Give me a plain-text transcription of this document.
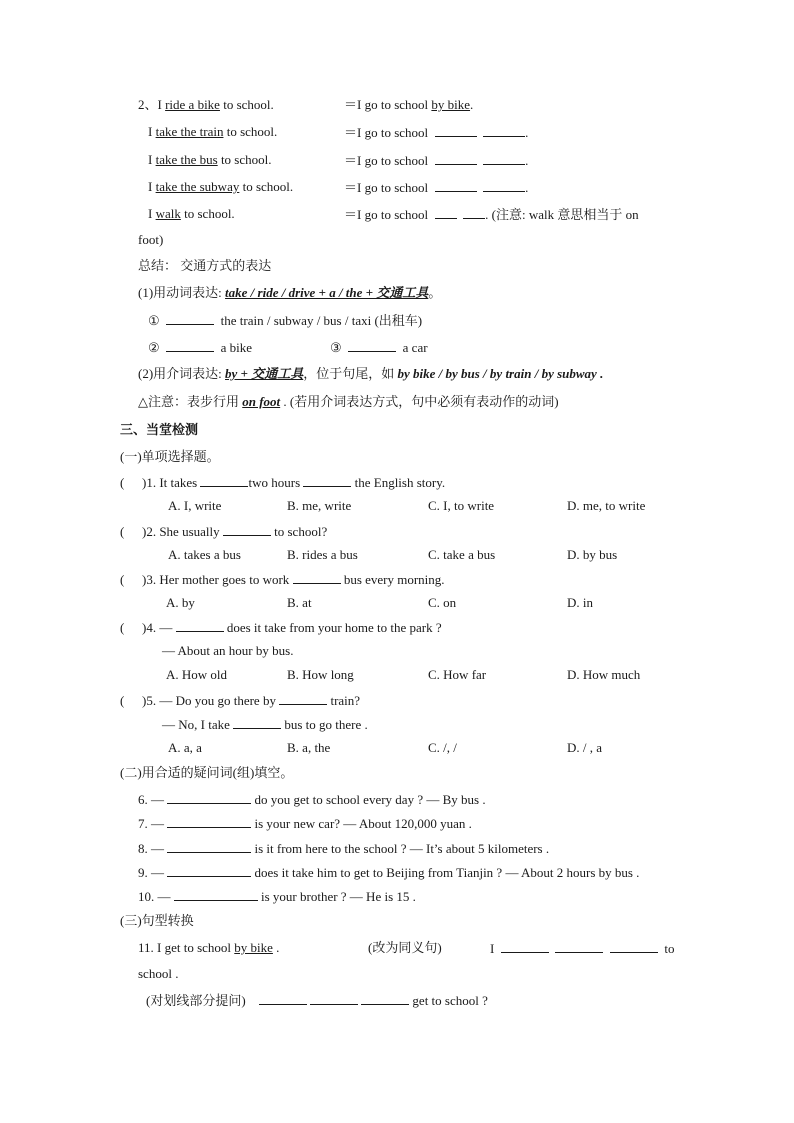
2、I ride a bike to school.	＝I go to school by bike.
I take the train to school.	＝I go to school	.
I take the bus to school.	＝I go to school	.
I take the subway to school.	＝I go to school	.
I walk to school.	＝I go to school	. (注意: walk 意思相当于 on
foot)
总结： 交通方式的表达
(1)用动词表达: take / ride / drive + a / the + 交通工具。
①	the train / subway / bus / taxi (出租车)
②	a bike	③	a car
(2)用介词表达: by + 交通工具，位于句尾，如 by bike / by bus / by train / by subway .
△注意：表步行用 on foot . (若用介词表达方式，句中必须有表动作的动词)
三、当堂检测
(一)单项选择题。
( )1. It takes	two hours	the English story.
A. I, write	B. me, write	C. I, to write	D. me, to write
( )2. She usually	to school?
A. takes a bus	B. rides a bus	C. take a bus	D. by bus
( )3. Her mother goes to work	bus every morning.
A. by	B. at	C. on	D. in
( )4. —	does it take from your home to the park ?
— About an hour by bus.
A. How old	B. How long	C. How far	D. How much
( )5. — Do you go there by	train?
— No, I take	bus to go there .
A. a, a	B. a, the	C. /, /	D. / , a
(二)用合适的疑问词(组)填空。
6. —	do you get to school every day ? — By bus .
7. —	is your new car? — About 120,000 yuan .
8. —	is it from here to the school ? — It’s about 5 kilometers .
9. —	does it take him to get to Beijing from Tianjin ? — About 2 hours by bus .
10. —	is your brother ? — He is 15 .
(三)句型转换
11. I get to school by bike .	(改为同义句)	I	to
school .
(对划线部分提问)	get to school ?
